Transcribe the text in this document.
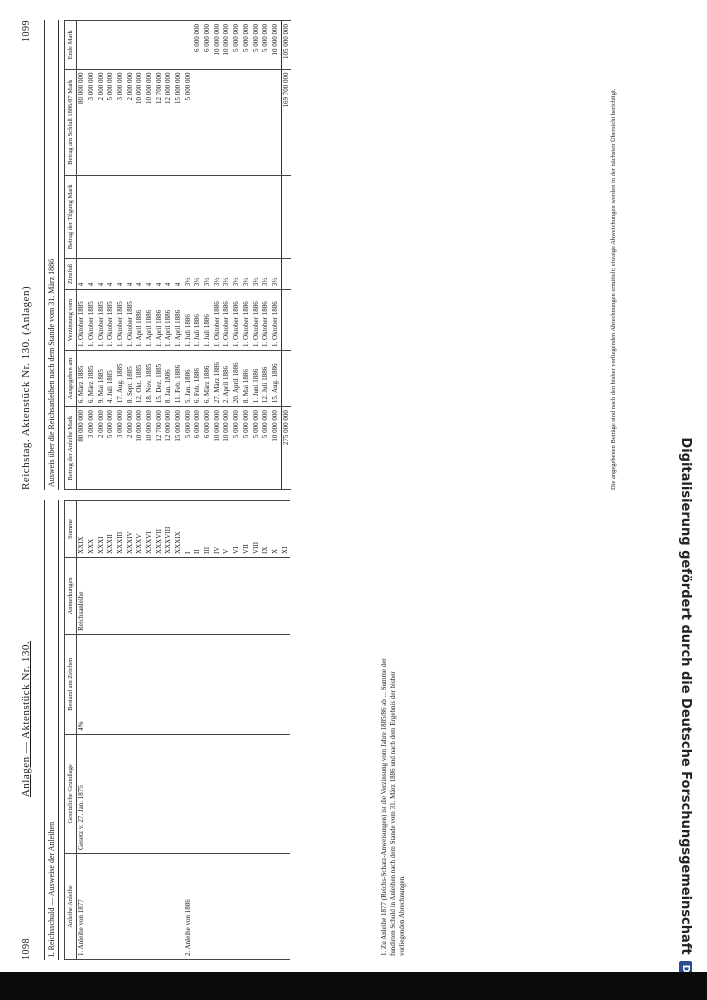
1098
Anlagen — Aktenstück Nr. 130.
I. Reichsschuld — Ausweise der Anleihen Anleihe Anleihe	Gesetzliche Grundlage	Bestand am Zeichen	Anmerkungen	Summe
1. Anleihe von 1877	Gesetz v. 27. Jan. 1875	4%	Reichsanleihe	XXIX
				XXX
				XXXI
				XXXII
				XXXIII
				XXXIV
				XXXV
				XXXVI
				XXXVII
				XXXVIII
				XXXIX
2. Anleihe von 1886				I
				II
				III
				IV
				V
				VI
				VII
				VIII
				IX
				X
				XI
1. Zu Anleihe 1877 (Reichs-Schatz-Anweisungen) ist die Verzinsung vom Jahre 1885/86 ab ... Summe der fundirten Schuld in Anleihen nach dem Stande vom 31. März 1886 und nach dem Ergebnis der bisher vorliegenden Abrechnungen.
Reichstag. Aktenstück Nr. 130. (Anlagen)
1099
Ausweis über die Reichsanleihen nach dem Stande vom 31. März 1886 Betrag der Anleihe Mark	Ausgegeben am	Verzinsung vom	Zinsfuß	Betrag der Tilgung Mark	Betrag am Schluß 1886/87 Mark	Ende Mark
80 000 000	6. März 1885	1. Oktober 1885	4		80 000 000	
3 000 000	6. März 1885	1. Oktober 1885	4		3 000 000	
2 000 000	9. Mai 1885	1. Oktober 1885	4		2 000 000	
5 000 000	4. Juli 1885	1. Oktober 1885	4		5 000 000	
3 000 000	17. Aug. 1885	1. Oktober 1885	4		3 000 000	
2 000 000	8. Sept. 1885	1. Oktober 1885	4		2 000 000	
10 000 000	12. Okt. 1885	1. April 1886	4		10 000 000	
10 000 000	18. Nov. 1885	1. April 1886	4		10 000 000	
12 700 000	15. Dez. 1885	1. April 1886	4		12 700 000	
12 000 000	8. Jan. 1886	1. April 1886	4		12 000 000	
15 000 000	11. Feb. 1886	1. April 1886	4		15 000 000	
5 000 000	5. Jan. 1886	1. Juli 1886	3½		5 000 000	
6 000 000	6. Feb. 1886	1. Juli 1886	3½			6 000 000
6 000 000	6. März 1886	1. Juli 1886	3½			6 000 000
10 000 000	27. März 1886	1. Oktober 1886	3½			10 000 000
10 000 000	2. April 1886	1. Oktober 1886	3½			10 000 000
5 000 000	20. April 1886	1. Oktober 1886	3½			5 000 000
5 000 000	8. Mai 1886	1. Oktober 1886	3½			5 000 000
5 000 000	1. Juni 1886	1. Oktober 1886	3½			5 000 000
5 000 000	12. Juli 1886	1. Oktober 1886	3½			5 000 000
10 000 000	15. Aug. 1886	1. Oktober 1886	3½			10 000 000
275 000 000					169 700 000	105 000 000
Die angegebenen Beträge sind nach den bisher vorliegenden Abrechnungen ermittelt; etwaige Abweichungen werden in der nächsten Übersicht berichtigt.
Digitalisierung gefördert durch die Deutsche Forschungsgemeinschaft
